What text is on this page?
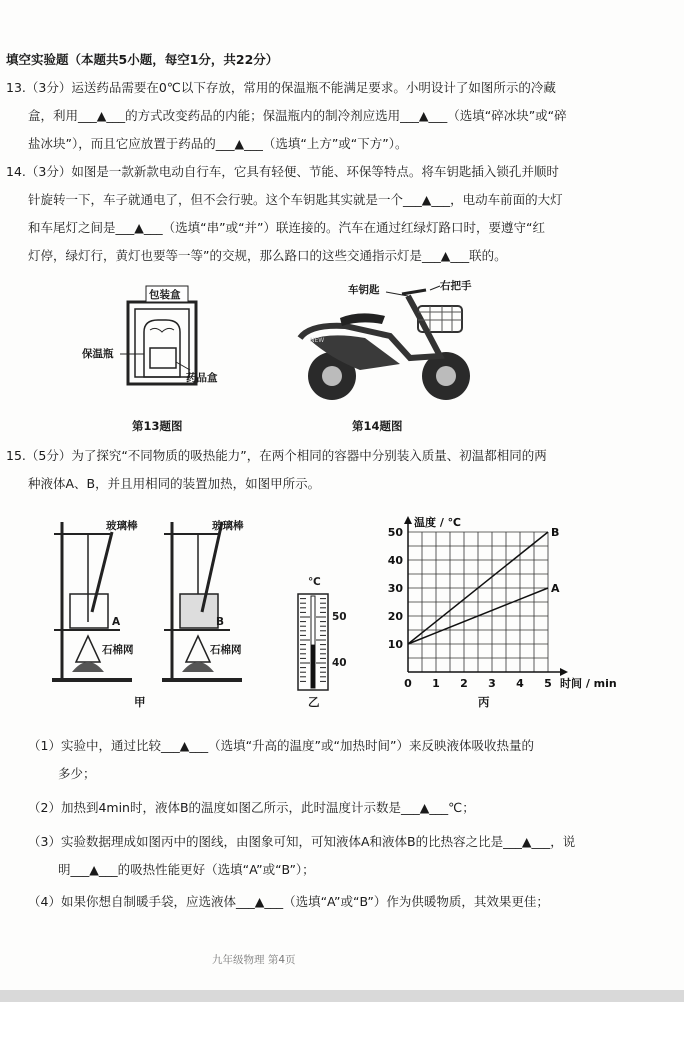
填空实验题（本题共5小题，每空1分，共22分）
13.（3分）运送药品需要在0℃以下存放，常用的保温瓶不能满足要求。小明设计了如图所示的冷藏
盒，利用___▲___的方式改变药品的内能；保温瓶内的制冷剂应选用___▲___（选填“碎冰块”或“碎
盐冰块”），而且它应放置于药品的___▲___（选填“上方”或“下方”）。
14.（3分）如图是一款新款电动自行车，它具有轻便、节能、环保等特点。将车钥匙插入锁孔并顺时
针旋转一下，车子就通电了，但不会行驶。这个车钥匙其实就是一个___▲___，电动车前面的大灯
和车尾灯之间是___▲___（选填“串”或“并”）联连接的。汽车在通过红绿灯路口时，要遵守“红
灯停，绿灯行，黄灯也要等一等”的交规，那么路口的这些交通指示灯是___▲___联的。
包装盒
保温瓶
药品盒
第13题图
NEW
车钥匙	右把手
第14题图
15.（5分）为了探究“不同物质的吸热能力”，在两个相同的容器中分别装入质量、初温都相同的两
种液体A、B，并且用相同的装置加热，如图甲所示。
玻璃棒	玻璃棒
A	B
石棉网	石棉网
甲
℃
50
40
乙
0 1 2 3 4 5
10
20
30
40
50
温度 / ℃
时间 / min
B
A
丙
（1）实验中，通过比较___▲___（选填“升高的温度”或“加热时间”）来反映液体吸收热量的
多少；
（2）加热到4min时，液体B的温度如图乙所示，此时温度计示数是___▲___℃；
（3）实验数据理成如图丙中的图线，由图象可知，可知液体A和液体B的比热容之比是___▲___，说
明___▲___的吸热性能更好（选填“A”或“B”）；
（4）如果你想自制暖手袋，应选液体___▲___（选填“A”或“B”）作为供暖物质，其效果更佳；
九年级物理 第4页
